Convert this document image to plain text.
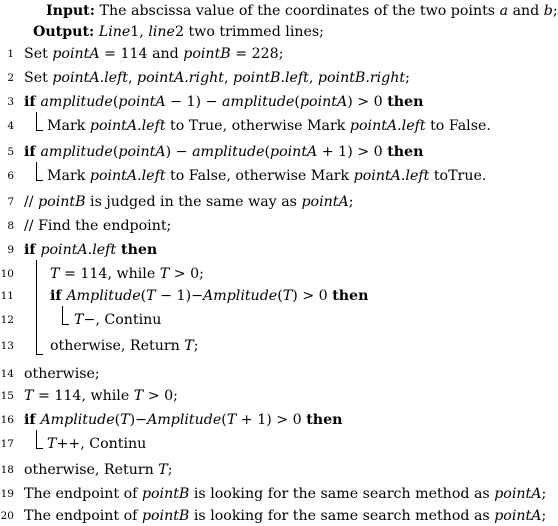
Input: The abscissa value of the coordinates of the two points a and b;
Output: Line1, line2 two trimmed lines;
1 Set pointA = 114 and pointB = 228;
2 Set pointA.left, pointA.right, pointB.left, pointB.right;
3 if amplitude(pointA − 1) − amplitude(pointA) > 0 then
4 Mark pointA.left to True, otherwise Mark pointA.left to False.
5 if amplitude(pointA) − amplitude(pointA + 1) > 0 then
6 Mark pointA.left to False, otherwise Mark pointA.left toTrue.
7 // pointB is judged in the same way as pointA;
8 // Find the endpoint;
9 if pointA.left then
10	T = 114, while T > 0;
11	if Amplitude(T − 1)−Amplitude(T) > 0 then
12	T−, Continu
13	otherwise, Return T;
14 otherwise;
15 T = 114, while T > 0;
16 if Amplitude(T)−Amplitude(T + 1) > 0 then
17 T++, Continu
18 otherwise, Return T;
19 The endpoint of pointB is looking for the same search method as pointA;
20 The endpoint of pointB is looking for the same search method as pointA;
